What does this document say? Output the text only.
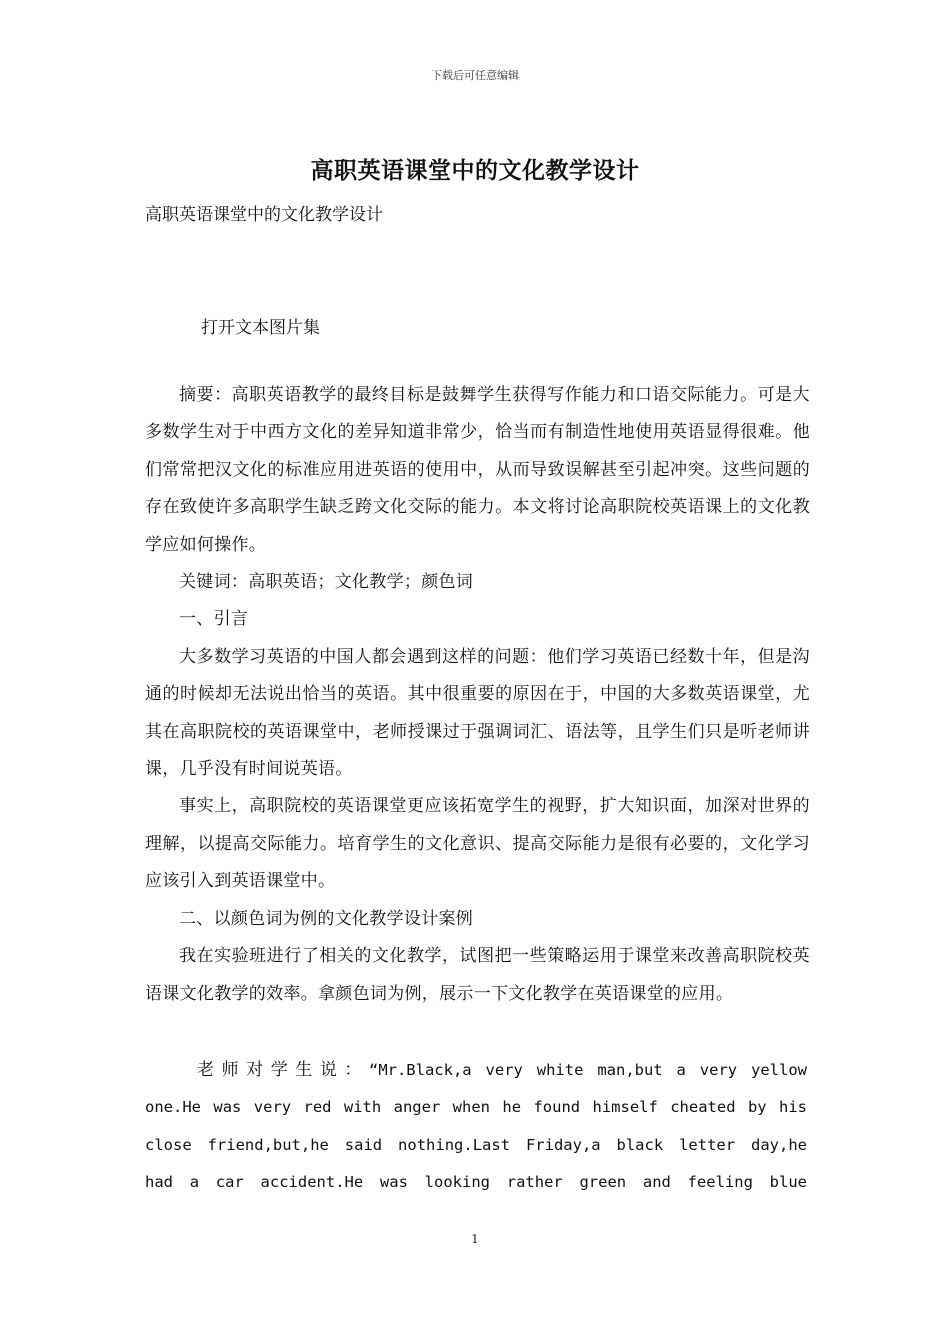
下载后可任意编辑
高职英语课堂中的文化教学设计
高职英语课堂中的文化教学设计
打开文本图片集

摘要：高职英语教学的最终目标是鼓舞学生获得写作能力和口语交际能力。可是大多数学生对于中西方文化的差异知道非常少，恰当而有制造性地使用英语显得很难。他们常常把汉文化的标准应用进英语的使用中，从而导致误解甚至引起冲突。这些问题的存在致使许多高职学生缺乏跨文化交际的能力。本文将讨论高职院校英语课上的文化教学应如何操作。

关键词：高职英语；文化教学；颜色词

一、引言

大多数学习英语的中国人都会遇到这样的问题：他们学习英语已经数十年，但是沟通的时候却无法说出恰当的英语。其中很重要的原因在于，中国的大多数英语课堂，尤其在高职院校的英语课堂中，老师授课过于强调词汇、语法等，且学生们只是听老师讲课，几乎没有时间说英语。

事实上，高职院校的英语课堂更应该拓宽学生的视野，扩大知识面，加深对世界的理解，以提高交际能力。培育学生的文化意识、提高交际能力是很有必要的，文化学习应该引入到英语课堂中。

二、以颜色词为例的文化教学设计案例

我在实验班进行了相关的文化教学，试图把一些策略运用于课堂来改善高职院校英语课文化教学的效率。拿颜色词为例，展示一下文化教学在英语课堂的应用。

老师对学生说：“Mr.Black,a very white man,but a very yellow
one.He was very red with anger when he found himself cheated by his
close friend,but,he said nothing.Last Friday,a black letter day,he
had a car accident.He was looking rather green and feeling blue
1
